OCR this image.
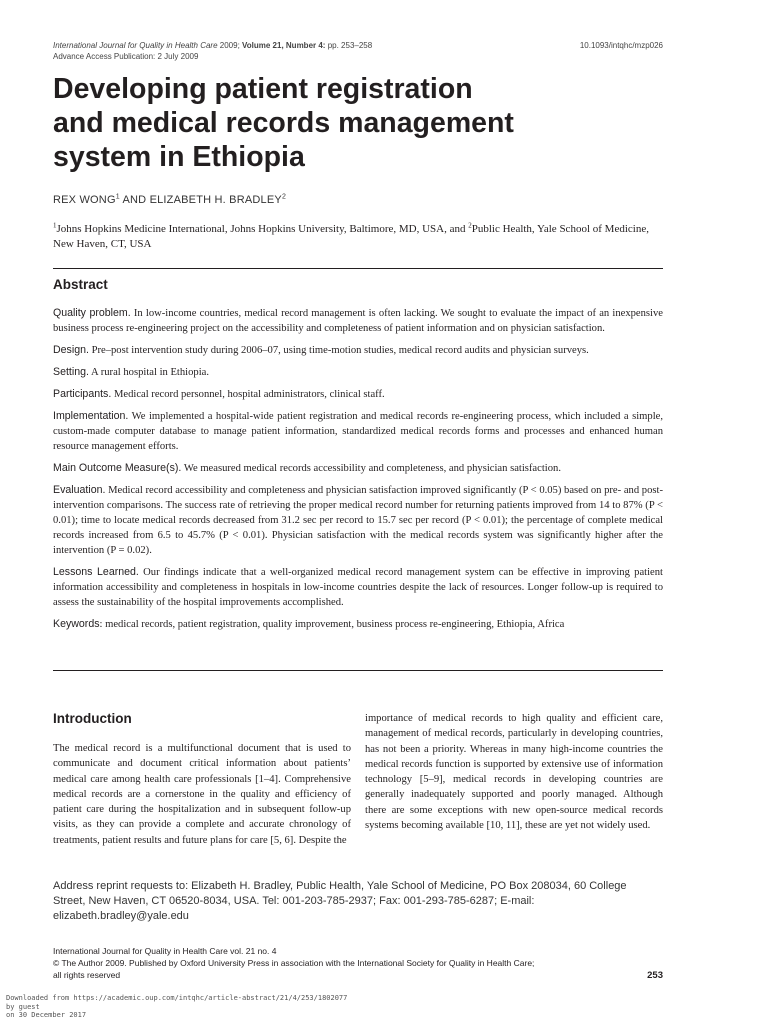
International Journal for Quality in Health Care 2009; Volume 21, Number 4: pp. 253–258	10.1093/intqhc/mzp026
Advance Access Publication: 2 July 2009
Developing patient registration
and medical records management
system in Ethiopia
REX WONG$^1$ AND ELIZABETH H. BRADLEY$^2$
$^1$Johns Hopkins Medicine International, Johns Hopkins University, Baltimore, MD, USA, and $^2$Public Health, Yale School of Medicine, New Haven, CT, USA
Abstract

Quality problem. In low-income countries, medical record management is often lacking. We sought to evaluate the impact of an inexpensive business process re-engineering project on the accessibility and completeness of patient information and on physician satisfaction.

Design. Pre–post intervention study during 2006–07, using time-motion studies, medical record audits and physician surveys.

Setting. A rural hospital in Ethiopia.

Participants. Medical record personnel, hospital administrators, clinical staff.

Implementation. We implemented a hospital-wide patient registration and medical records re-engineering process, which included a simple, custom-made computer database to manage patient information, standardized medical records forms and processes and enhanced human resource management efforts.

Main Outcome Measure(s). We measured medical records accessibility and completeness, and physician satisfaction.

Evaluation. Medical record accessibility and completeness and physician satisfaction improved significantly (P < 0.05) based on pre- and post-intervention comparisons. The success rate of retrieving the proper medical record number for returning patients improved from 14 to 87% (P < 0.01); time to locate medical records decreased from 31.2 sec per record to 15.7 sec per record (P < 0.01); the percentage of complete medical records increased from 6.5 to 45.7% (P < 0.01). Physician satisfaction with the medical records system was significantly higher after the intervention (P = 0.02).

Lessons Learned. Our findings indicate that a well-organized medical record management system can be effective in improving patient information accessibility and completeness in hospitals in low-income countries despite the lack of resources. Longer follow-up is required to assess the sustainability of the hospital improvements accomplished.

Keywords: medical records, patient registration, quality improvement, business process re-engineering, Ethiopia, Africa

Introduction

The medical record is a multifunctional document that is used to communicate and document critical information about patients’ medical care among health care professionals [1–4]. Comprehensive medical records are a cornerstone in the quality and efficiency of patient care during the hospitalization and in subsequent follow-up visits, as they can provide a complete and accurate chronology of treatments, patient results and future plans for care [5, 6]. Despite the

importance of medical records to high quality and efficient care, management of medical records, particularly in developing countries, has not been a priority. Whereas in many high-income countries the medical records function is supported by extensive use of information technology [5–9], medical records in developing countries are generally inadequately supported and poorly managed. Although there are some exceptions with new open-source medical records systems becoming available [10, 11], these are yet not widely used.

Address reprint requests to: Elizabeth H. Bradley, Public Health, Yale School of Medicine, PO Box 208034, 60 College Street, New Haven, CT 06520-8034, USA. Tel: 001-203-785-2937; Fax: 001-293-785-6287; E-mail: elizabeth.bradley@yale.edu
International Journal for Quality in Health Care vol. 21 no. 4
© The Author 2009. Published by Oxford University Press in association with the International Society for Quality in Health Care;
all rights reserved	253
Downloaded from https://academic.oup.com/intqhc/article-abstract/21/4/253/1802077
by guest
on 30 December 2017
